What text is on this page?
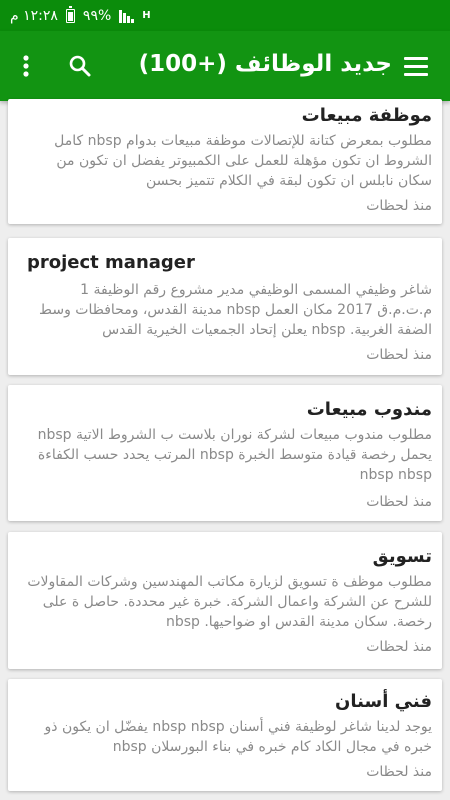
H
%٩٩
١٢:٢٨ م
جديد الوظائف (+100)

موظفة مبيعات

مطلوب بمعرض كتانة للإتصالات موظفة مبيعات بدوام nbsp كامل الشروط ان تكون مؤهلة للعمل على الكمبيوتر يفضل ان تكون من سكان نابلس ان تكون لبقة في الكلام تتميز بحسن

منذ لحظات

project manager

شاغر وظيفي المسمى الوظيفي مدير مشروع رقم الوظيفة 1 م.ت.م.ق 2017 مكان العمل nbsp مدينة القدس، ومحافظات وسط الضفة الغربية. nbsp يعلن إتحاد الجمعيات الخيرية القدس

منذ لحظات

مندوب مبيعات

مطلوب مندوب مبيعات لشركة نوران بلاست ب الشروط الاتية nbsp يحمل رخصة قيادة متوسط الخبرة nbsp المرتب يحدد حسب الكفاءة nbsp nbsp

منذ لحظات

تسويق

مطلوب موظف ة تسويق لزيارة مكاتب المهندسين وشركات المقاولات للشرح عن الشركة واعمال الشركة. خبرة غير محددة. حاصل ة على رخصة. سكان مدينة القدس او ضواحيها. nbsp

منذ لحظات

فني أسنان

يوجد لدينا شاغر لوظيفة فني أسنان nbsp nbsp يفضّل ان يكون ذو خبره في مجال الكاد كام خبره في بناء البورسلان nbsp

منذ لحظات
